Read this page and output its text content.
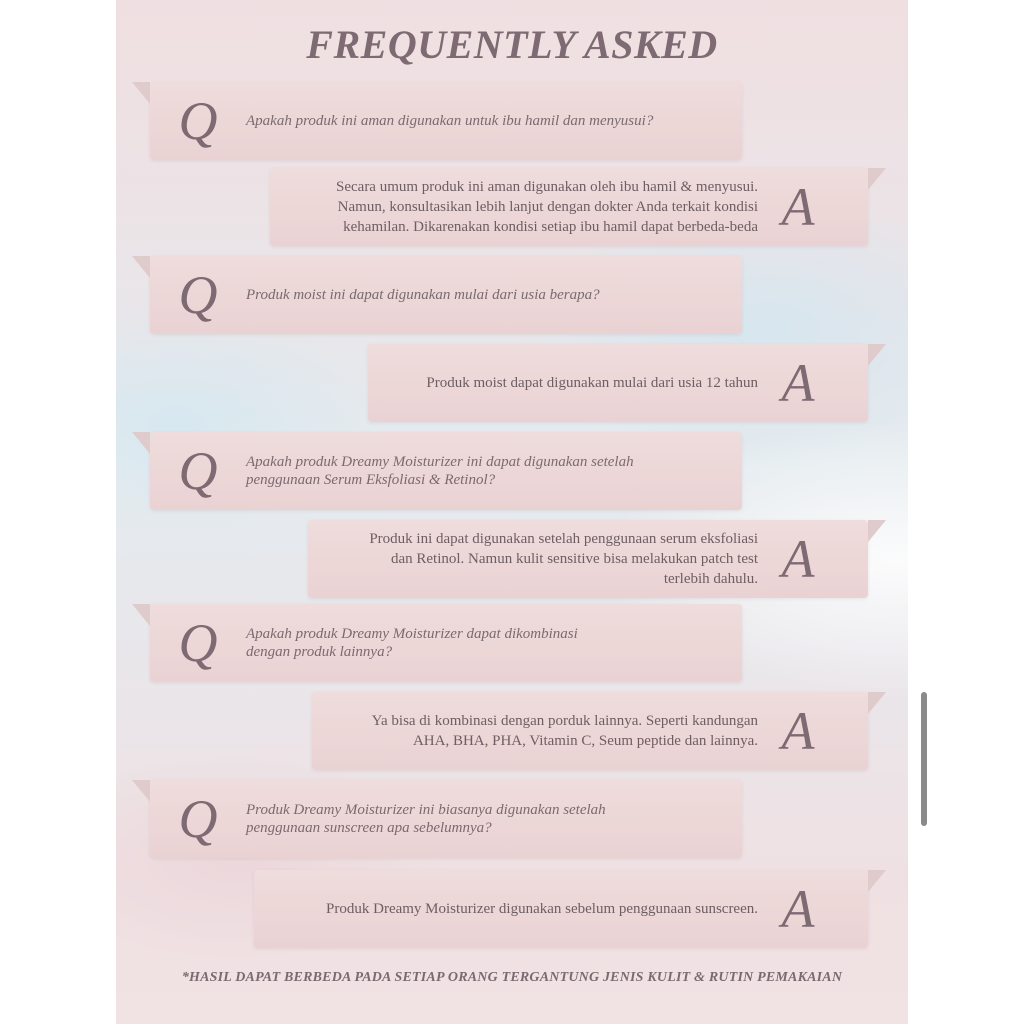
FREQUENTLY ASKED
Q	Apakah produk ini aman digunakan untuk ibu hamil dan menyusui?
Secara umum produk ini aman digunakan oleh ibu hamil & menyusui.
Namun, konsultasikan lebih lanjut dengan dokter Anda terkait kondisi
kehamilan. Dikarenakan kondisi setiap ibu hamil dapat berbeda-beda A
Q	Produk moist ini dapat digunakan mulai dari usia berapa?
Produk moist dapat digunakan mulai dari usia 12 tahun A
Q	Apakah produk Dreamy Moisturizer ini dapat digunakan setelah
penggunaan Serum Eksfoliasi & Retinol?
Produk ini dapat digunakan setelah penggunaan serum eksfoliasi
dan Retinol. Namun kulit sensitive bisa melakukan patch test
terlebih dahulu. A
Q	Apakah produk Dreamy Moisturizer dapat dikombinasi
dengan produk lainnya?
Ya bisa di kombinasi dengan porduk lainnya. Seperti kandungan
AHA, BHA, PHA, Vitamin C, Seum peptide dan lainnya. A
Q	Produk Dreamy Moisturizer ini biasanya digunakan setelah
penggunaan sunscreen apa sebelumnya?
Produk Dreamy Moisturizer digunakan sebelum penggunaan sunscreen. A
*HASIL DAPAT BERBEDA PADA SETIAP ORANG TERGANTUNG JENIS KULIT & RUTIN PEMAKAIAN
